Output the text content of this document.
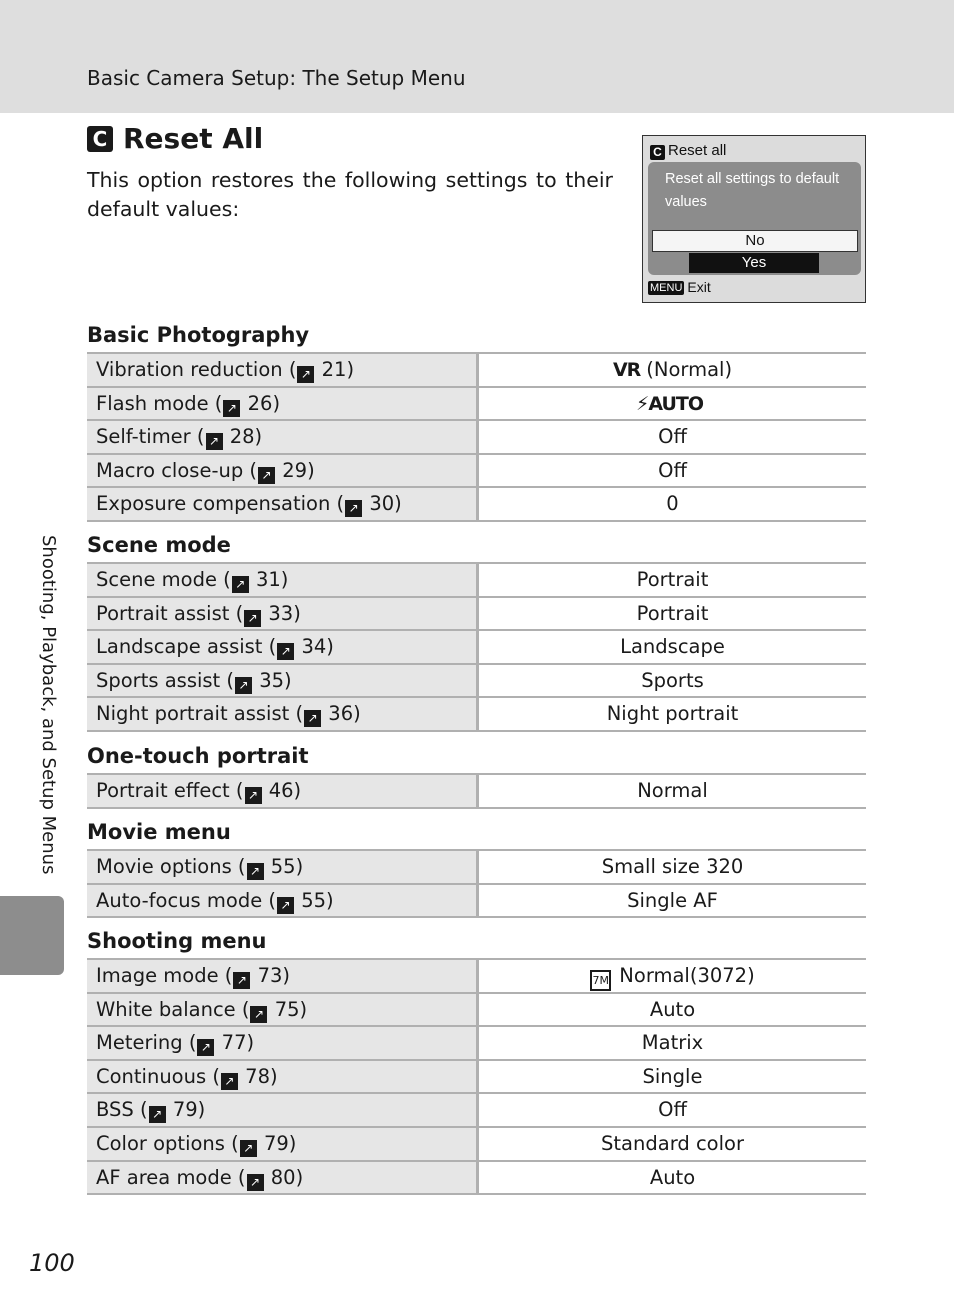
Basic Camera Setup: The Setup Menu
C Reset All
This option restores the following settings to their default values:
C Reset all
Reset all settings to default values
No
Yes
MENU Exit
Basic Photography
Vibration reduction ( ↗ 21)	VR (Normal)
Flash mode ( ↗ 26)	⚡AUTO
Self-timer ( ↗ 28)	Off
Macro close-up ( ↗ 29)	Off
Exposure compensation ( ↗ 30)	0
Scene mode
Scene mode ( ↗ 31)	Portrait
Portrait assist ( ↗ 33)	Portrait
Landscape assist ( ↗ 34)	Landscape
Sports assist ( ↗ 35)	Sports
Night portrait assist ( ↗ 36)	Night portrait
One-touch portrait
Portrait effect ( ↗ 46)	Normal
Movie menu
Movie options ( ↗ 55)	Small size 320
Auto-focus mode ( ↗ 55)	Single AF
Shooting menu
Image mode ( ↗ 73)	7M Normal(3072)
White balance ( ↗ 75)	Auto
Metering ( ↗ 77)	Matrix
Continuous ( ↗ 78)	Single
BSS ( ↗ 79)	Off
Color options ( ↗ 79)	Standard color
AF area mode ( ↗ 80)	Auto
Shooting, Playback, and Setup Menus
100
